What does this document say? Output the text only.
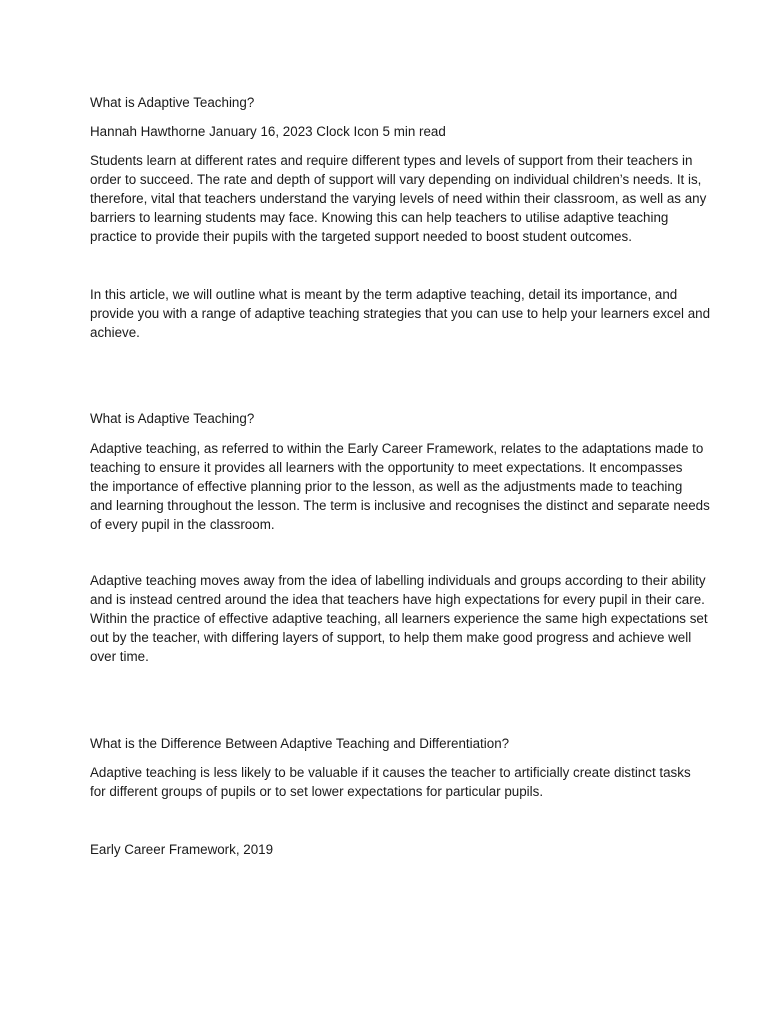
What is Adaptive Teaching?

Hannah Hawthorne January 16, 2023 Clock Icon 5 min read

Students learn at different rates and require different types and levels of support from their teachers in

order to succeed. The rate and depth of support will vary depending on individual children’s needs. It is,

therefore, vital that teachers understand the varying levels of need within their classroom, as well as any

barriers to learning students may face. Knowing this can help teachers to utilise adaptive teaching

practice to provide their pupils with the targeted support needed to boost student outcomes.

In this article, we will outline what is meant by the term adaptive teaching, detail its importance, and

provide you with a range of adaptive teaching strategies that you can use to help your learners excel and

achieve.

What is Adaptive Teaching?

Adaptive teaching, as referred to within the Early Career Framework, relates to the adaptations made to

teaching to ensure it provides all learners with the opportunity to meet expectations. It encompasses

the importance of effective planning prior to the lesson, as well as the adjustments made to teaching

and learning throughout the lesson. The term is inclusive and recognises the distinct and separate needs

of every pupil in the classroom.

Adaptive teaching moves away from the idea of labelling individuals and groups according to their ability

and is instead centred around the idea that teachers have high expectations for every pupil in their care.

Within the practice of effective adaptive teaching, all learners experience the same high expectations set

out by the teacher, with differing layers of support, to help them make good progress and achieve well

over time.

What is the Difference Between Adaptive Teaching and Differentiation?

Adaptive teaching is less likely to be valuable if it causes the teacher to artificially create distinct tasks

for different groups of pupils or to set lower expectations for particular pupils.

Early Career Framework, 2019
